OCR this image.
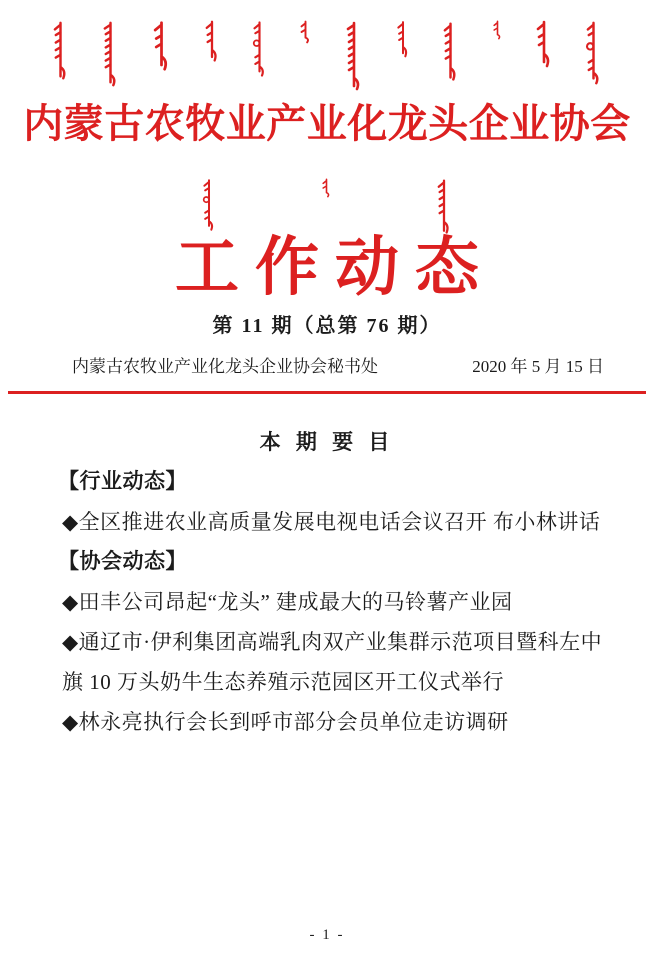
内蒙古农牧业产业化龙头企业协会
工作动态
第 11 期（总第 76 期）
内蒙古农牧业产业化龙头企业协会秘书处	2020 年 5 月 15 日
本 期 要 目
【行业动态】
◆全区推进农业高质量发展电视电话会议召开 布小林讲话
【协会动态】
◆田丰公司昂起“龙头” 建成最大的马铃薯产业园
◆通辽市·伊利集团高端乳肉双产业集群示范项目暨科左中
旗 10 万头奶牛生态养殖示范园区开工仪式举行
◆林永亮执行会长到呼市部分会员单位走访调研
- 1 -
